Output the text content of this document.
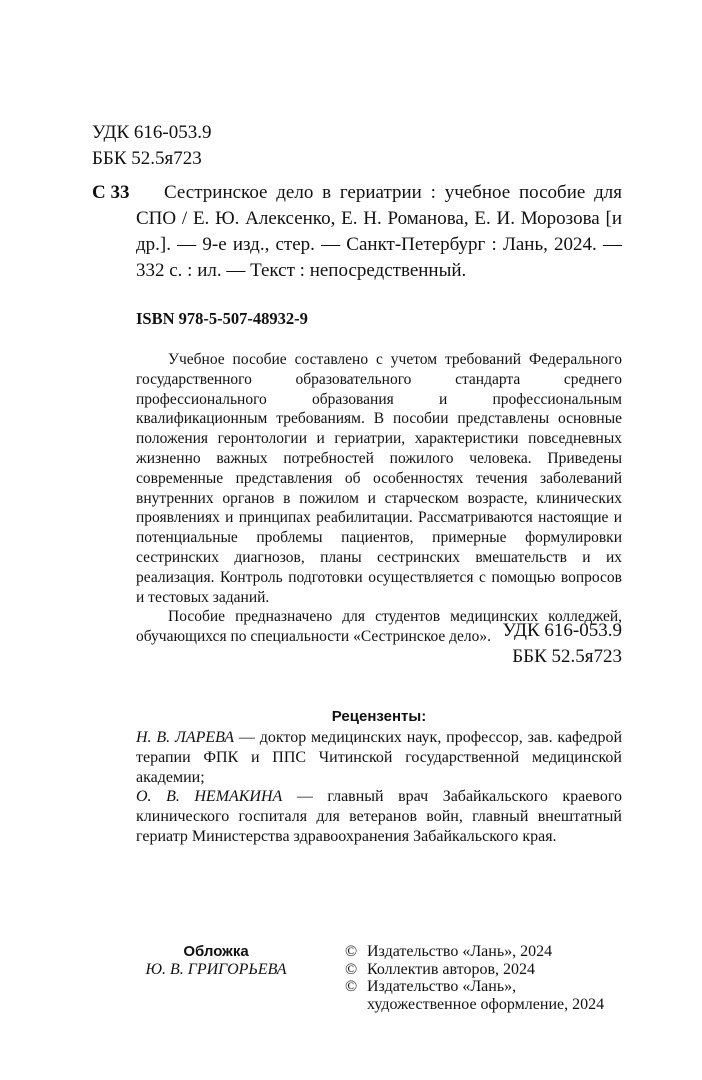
УДК 616-053.9
ББК 52.5я723
С 33	Сестринское дело в гериатрии : учебное пособие для СПО / Е. Ю. Алексенко, Е. Н. Романова, Е. И. Морозова [и др.]. — 9-е изд., стер. — Санкт-Петербург : Лань, 2024. — 332 с. : ил. — Текст : непосредственный.
ISBN 978-5-507-48932-9

Учебное пособие составлено с учетом требований Федерального государственного образовательного стандарта среднего профессионального образования и профессиональным квалификационным требованиям. В пособии представлены основные положения геронтологии и гериатрии, характеристики повседневных жизненно важных потребностей пожилого человека. Приведены современные представления об особенностях течения заболеваний внутренних органов в пожилом и старческом возрасте, клинических проявлениях и принципах реабилитации. Рассматриваются настоящие и потенциальные проблемы пациентов, примерные формулировки сестринских диагнозов, планы сестринских вмешательств и их реализация. Контроль подготовки осуществляется с помощью вопросов и тестовых заданий.

Пособие предназначено для студентов медицинских колледжей, обучающихся по специальности «Сестринское дело». УДК 616-053.9
ББК 52.5я723
Рецензенты:

Н. В. ЛАРЕВА — доктор медицинских наук, профессор, зав. кафедрой терапии ФПК и ППС Читинской государственной медицинской академии;

О. В. НЕМАКИНА — главный врач Забайкальского краевого клинического госпиталя для ветеранов войн, главный внештатный гериатр Министерства здравоохранения Забайкальского края.

Обложка
Ю. В. ГРИГОРЬЕВА
© Издательство «Лань», 2024
© Коллектив авторов, 2024
© Издательство «Лань»,
художественное оформление, 2024
